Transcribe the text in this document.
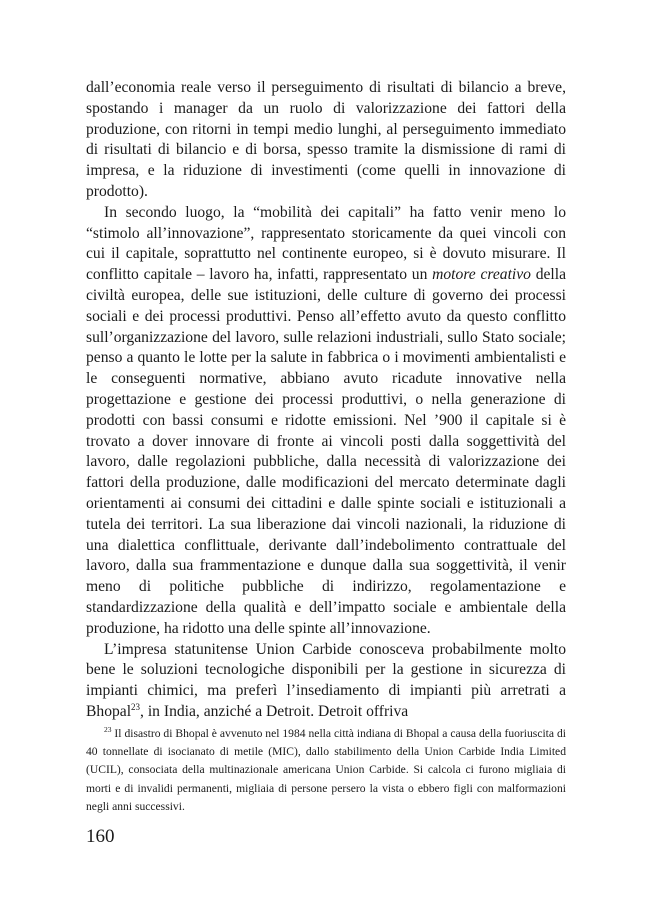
dall’economia reale verso il perseguimento di risultati di bilancio a breve, spostando i manager da un ruolo di valorizzazione dei fattori della produzione, con ritorni in tempi medio lunghi, al perseguimento immediato di risultati di bilancio e di borsa, spesso tramite la dismissione di rami di impresa, e la riduzione di investimenti (come quelli in innovazione di prodotto).

In secondo luogo, la “mobilità dei capitali” ha fatto venir meno lo “stimolo all’innovazione”, rappresentato storicamente da quei vincoli con cui il capitale, soprattutto nel continente europeo, si è dovuto misurare. Il conflitto capitale – lavoro ha, infatti, rappresentato un motore creativo della civiltà europea, delle sue istituzioni, delle culture di governo dei processi sociali e dei processi produttivi. Penso all’effetto avuto da questo conflitto sull’organizzazione del lavoro, sulle relazioni industriali, sullo Stato sociale; penso a quanto le lotte per la salute in fabbrica o i movimenti ambientalisti e le conseguenti normative, abbiano avuto ricadute innovative nella progettazione e gestione dei processi produttivi, o nella generazione di prodotti con bassi consumi e ridotte emissioni. Nel ’900 il capitale si è trovato a dover innovare di fronte ai vincoli posti dalla soggettività del lavoro, dalle regolazioni pubbliche, dalla necessità di valorizzazione dei fattori della produzione, dalle modificazioni del mercato determinate dagli orientamenti ai consumi dei cittadini e dalle spinte sociali e istituzionali a tutela dei territori. La sua liberazione dai vincoli nazionali, la riduzione di una dialettica conflittuale, derivante dall’indebolimento contrattuale del lavoro, dalla sua frammentazione e dunque dalla sua soggettività, il venir meno di politiche pubbliche di indirizzo, regolamentazione e standardizzazione della qualità e dell’impatto sociale e ambientale della produzione, ha ridotto una delle spinte all’innovazione.

L’impresa statunitense Union Carbide conosceva probabilmente molto bene le soluzioni tecnologiche disponibili per la gestione in sicurezza di impianti chimici, ma preferì l’insediamento di impianti più arretrati a Bhopal$^{23}$, in India, anziché a Detroit. Detroit offriva

$^{23}$ Il disastro di Bhopal è avvenuto nel 1984 nella città indiana di Bhopal a causa della fuoriuscita di 40 tonnellate di isocianato di metile (MIC), dallo stabilimento della Union Carbide India Limited (UCIL), consociata della multinazionale americana Union Carbide. Si calcola ci furono migliaia di morti e di invalidi permanenti, migliaia di persone persero la vista o ebbero figli con malformazioni negli anni successivi.

160
